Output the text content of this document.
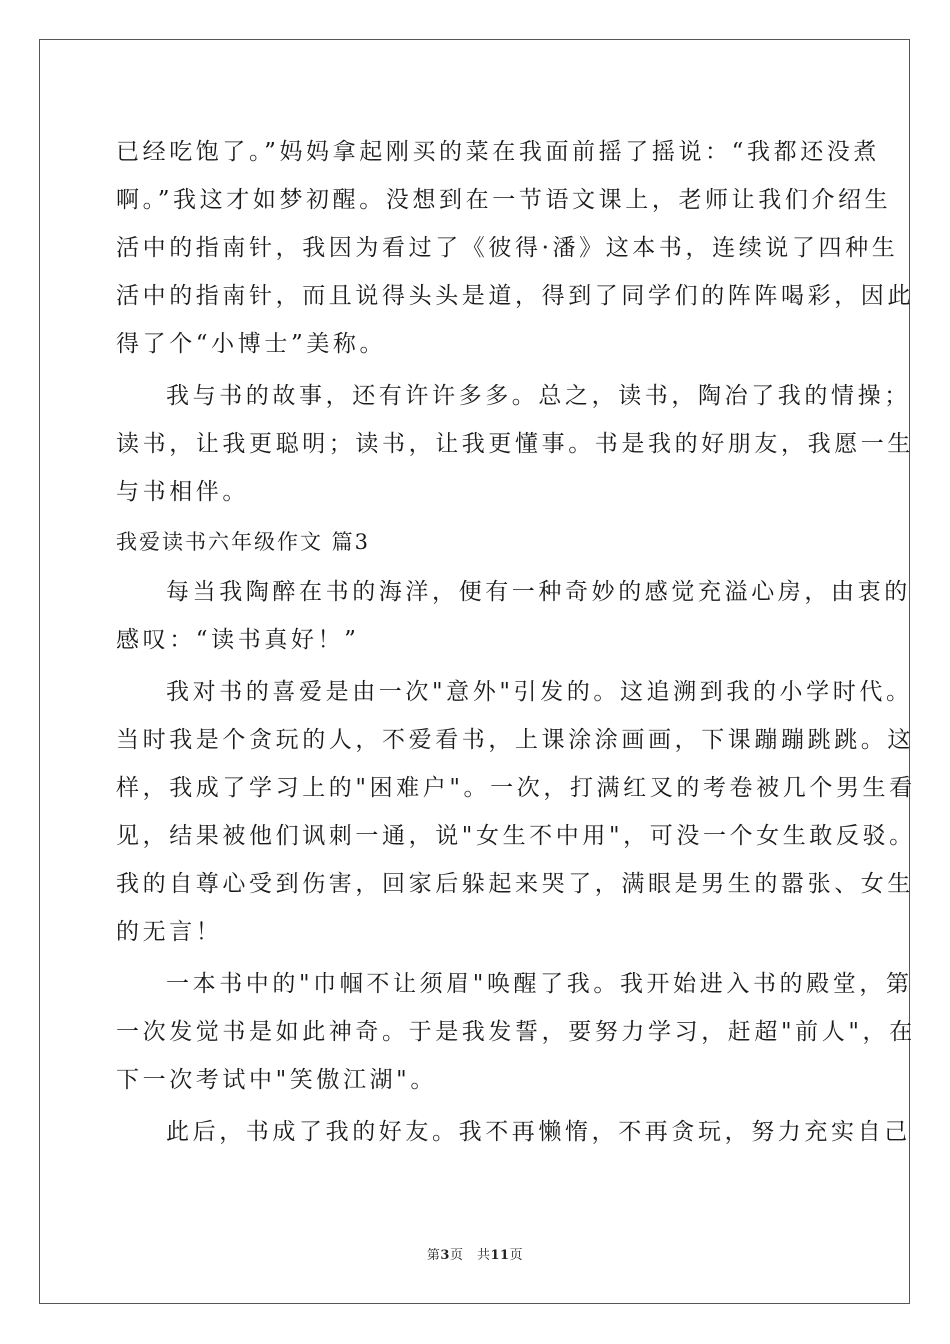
已经吃饱了。”妈妈拿起刚买的菜在我面前摇了摇说：“我都还没煮
啊。”我这才如梦初醒。没想到在一节语文课上，老师让我们介绍生
活中的指南针，我因为看过了《彼得·潘》这本书，连续说了四种生
活中的指南针，而且说得头头是道，得到了同学们的阵阵喝彩，因此
得了个“小博士”美称。
我与书的故事，还有许许多多。总之，读书，陶冶了我的情操；
读书，让我更聪明；读书，让我更懂事。书是我的好朋友，我愿一生
与书相伴。
我爱读书六年级作文 篇3
每当我陶醉在书的海洋，便有一种奇妙的感觉充溢心房，由衷的
感叹：“读书真好！”
我对书的喜爱是由一次"意外"引发的。这追溯到我的小学时代。
当时我是个贪玩的人，不爱看书，上课涂涂画画，下课蹦蹦跳跳。这
样，我成了学习上的"困难户"。一次，打满红叉的考卷被几个男生看
见，结果被他们讽刺一通，说"女生不中用"，可没一个女生敢反驳。
我的自尊心受到伤害，回家后躲起来哭了，满眼是男生的嚣张、女生
的无言！
一本书中的"巾帼不让须眉"唤醒了我。我开始进入书的殿堂，第
一次发觉书是如此神奇。于是我发誓，要努力学习，赶超"前人"，在
下一次考试中"笑傲江湖"。
此后，书成了我的好友。我不再懒惰，不再贪玩，努力充实自己
第3页　共11页
